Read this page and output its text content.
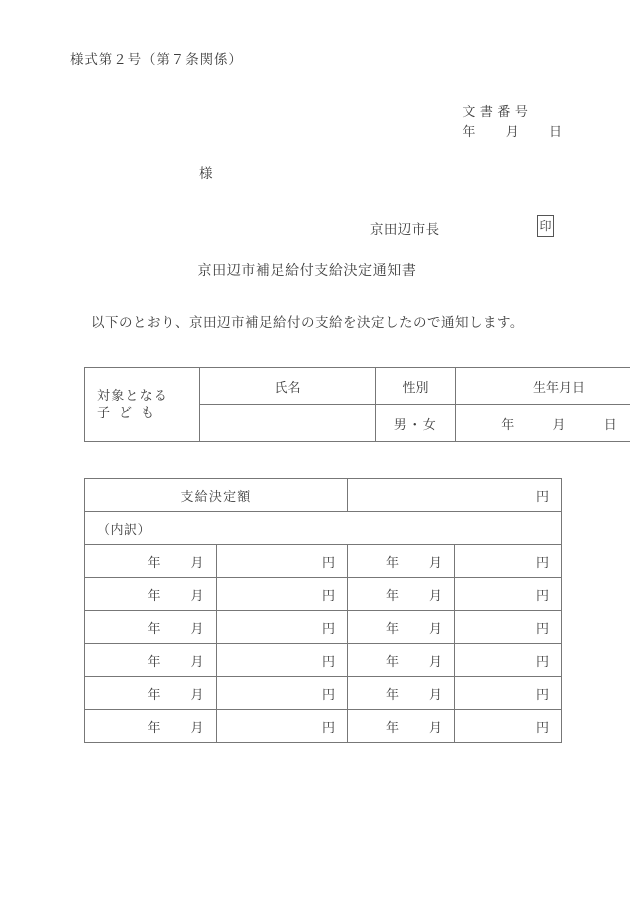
様式第２号（第７条関係）
文書番号
年 月 日
様
京田辺市長	印
京田辺市補足給付支給決定通知書
以下のとおり、京田辺市補足給付の支給を決定したので通知します。
対象となる
子ども	氏名	性別	生年月日
		男・女	年 月 日
支給決定額		円	
（内訳）			
年 月	円	年 月	円
年 月	円	年 月	円
年 月	円	年 月	円
年 月	円	年 月	円
年 月	円	年 月	円
年 月	円	年 月	円
